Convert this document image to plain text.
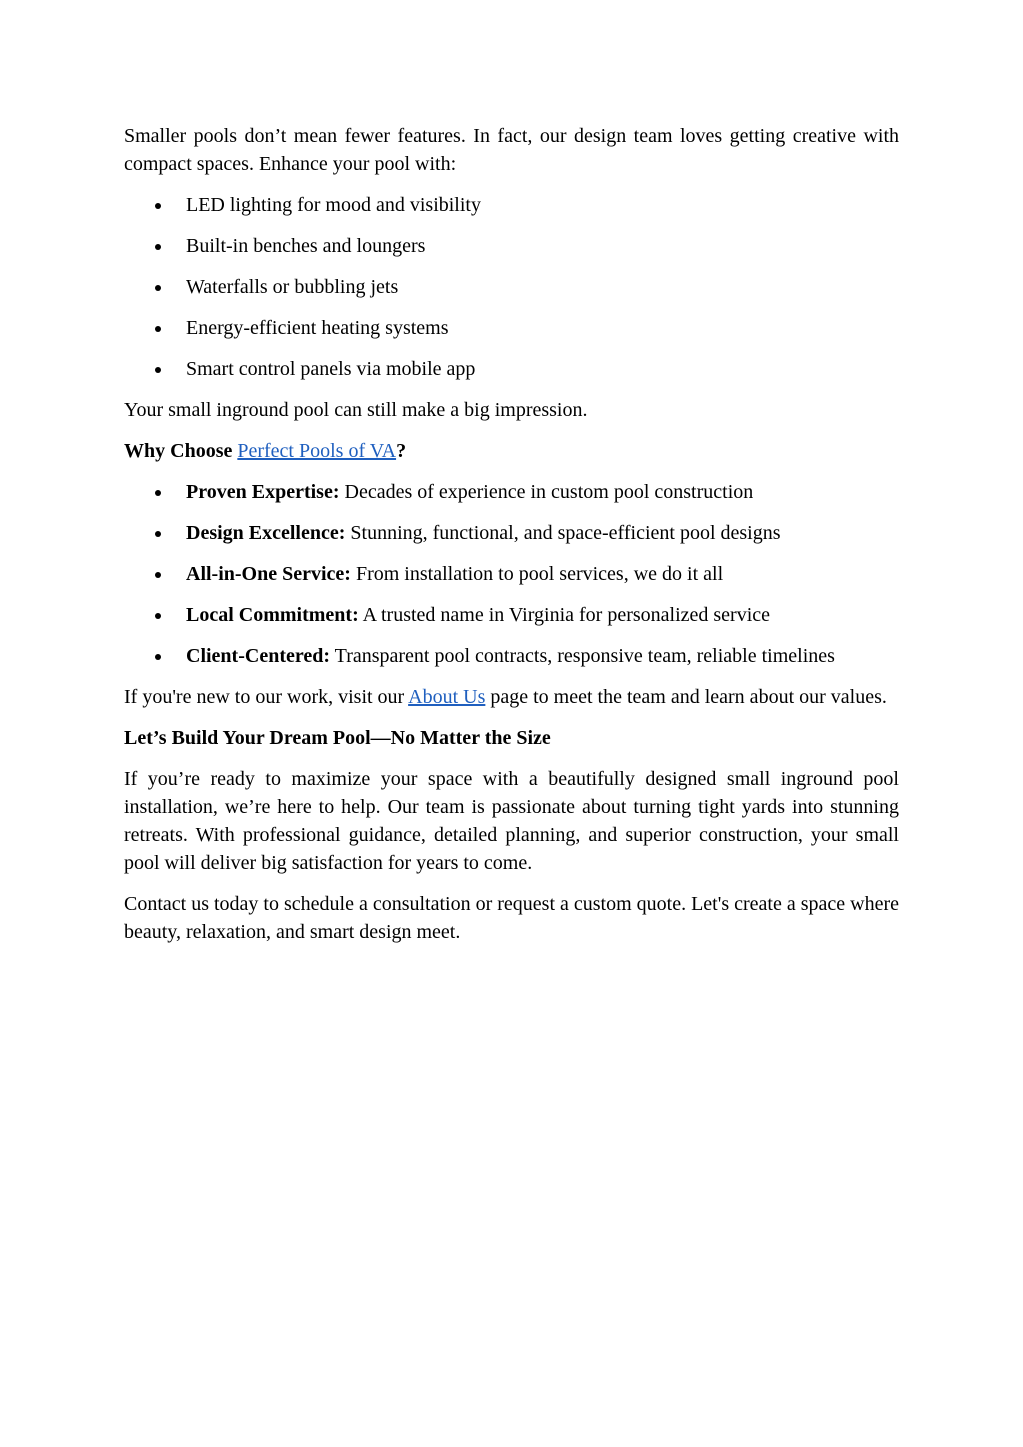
Smaller pools don’t mean fewer features. In fact, our design team loves getting creative with compact spaces. Enhance your pool with:

LED lighting for mood and visibility
Built-in benches and loungers
Waterfalls or bubbling jets
Energy-efficient heating systems
Smart control panels via mobile app

Your small inground pool can still make a big impression.

Why Choose Perfect Pools of VA?

Proven Expertise: Decades of experience in custom pool construction
Design Excellence: Stunning, functional, and space-efficient pool designs
All-in-One Service: From installation to pool services, we do it all
Local Commitment: A trusted name in Virginia for personalized service
Client-Centered: Transparent pool contracts, responsive team, reliable timelines

If you're new to our work, visit our About Us page to meet the team and learn about our values.

Let’s Build Your Dream Pool—No Matter the Size

If you’re ready to maximize your space with a beautifully designed small inground pool installation, we’re here to help. Our team is passionate about turning tight yards into stunning retreats. With professional guidance, detailed planning, and superior construction, your small pool will deliver big satisfaction for years to come.

Contact us today to schedule a consultation or request a custom quote. Let's create a space where beauty, relaxation, and smart design meet.
